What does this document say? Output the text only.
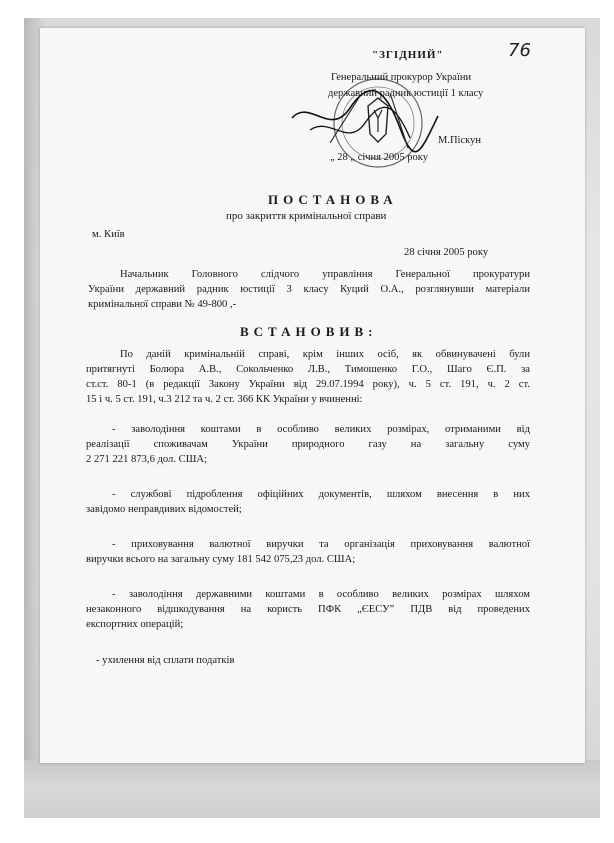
76
"ЗГІДНИЙ"
Генеральний прокурор України
державний радник юстиції 1 класу
М.Піскун
„ 28 „ січня 2005 року
ПОСТАНОВА
про закриття кримінальної справи
м. Київ
28 січня 2005 року
Начальник Головного слідчого управління Генеральної прокуратури
України державний радник юстиції 3 класу Куций О.А., розглянувши матеріали
кримінальної справи № 49-800 ,-
ВСТАНОВИВ:
По даній кримінальній справі, крім інших осіб, як обвинувачені були
притягнуті Болюра А.В., Сокольченко Л.В., Тимошенко Г.О., Шаго Є.П. за
ст.ст. 80-1 (в редакції Закону України від 29.07.1994 року), ч. 5 ст. 191, ч. 2 ст.
15 і ч. 5 ст. 191, ч.3 212 та ч. 2 ст. 366 КК України у вчиненні:
- заволодіння коштами в особливо великих розмірах, отриманими від
реалізації споживачам України природного газу на загальну суму
2 271 221 873,6 дол. США;
- службові підроблення офіційних документів, шляхом внесення в них
завідомо неправдивих відомостей;
- приховування валютної виручки та організація приховування валютної
виручки всього на загальну суму 181 542 075,23 дол. США;
- заволодіння державними коштами в особливо великих розмірах шляхом
незаконного відшкодування на користь ПФК „ЄЕСУ” ПДВ від проведених
експортних операцій;
- ухилення від сплати податків
